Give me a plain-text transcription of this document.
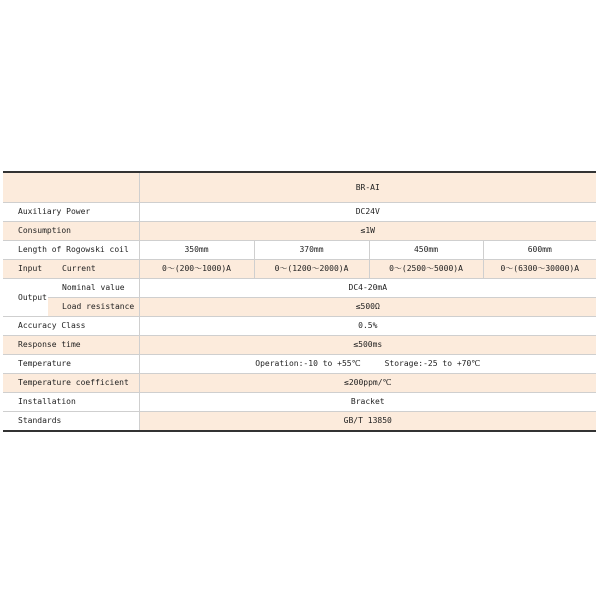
		BR-AI			
Auxiliary Power		DC24V			
Consumption		≤1W			
Length of Rogowski coil		350mm	370mm	450mm	600mm
Input	Current	0～(200～1000)A	0～(1200～2000)A	0～(2500～5000)A	0～(6300～30000)A
Output	Nominal value	DC4-20mA			
	Load resistance	≤500Ω			
Accuracy Class		0.5%			
Response time		≤500ms			
Temperature		Operation:-10 to +55℃ Storage:-25 to +70℃			
Temperature coefficient		≤200ppm/℃			
Installation		Bracket			
Standards		GB/T 13850			
